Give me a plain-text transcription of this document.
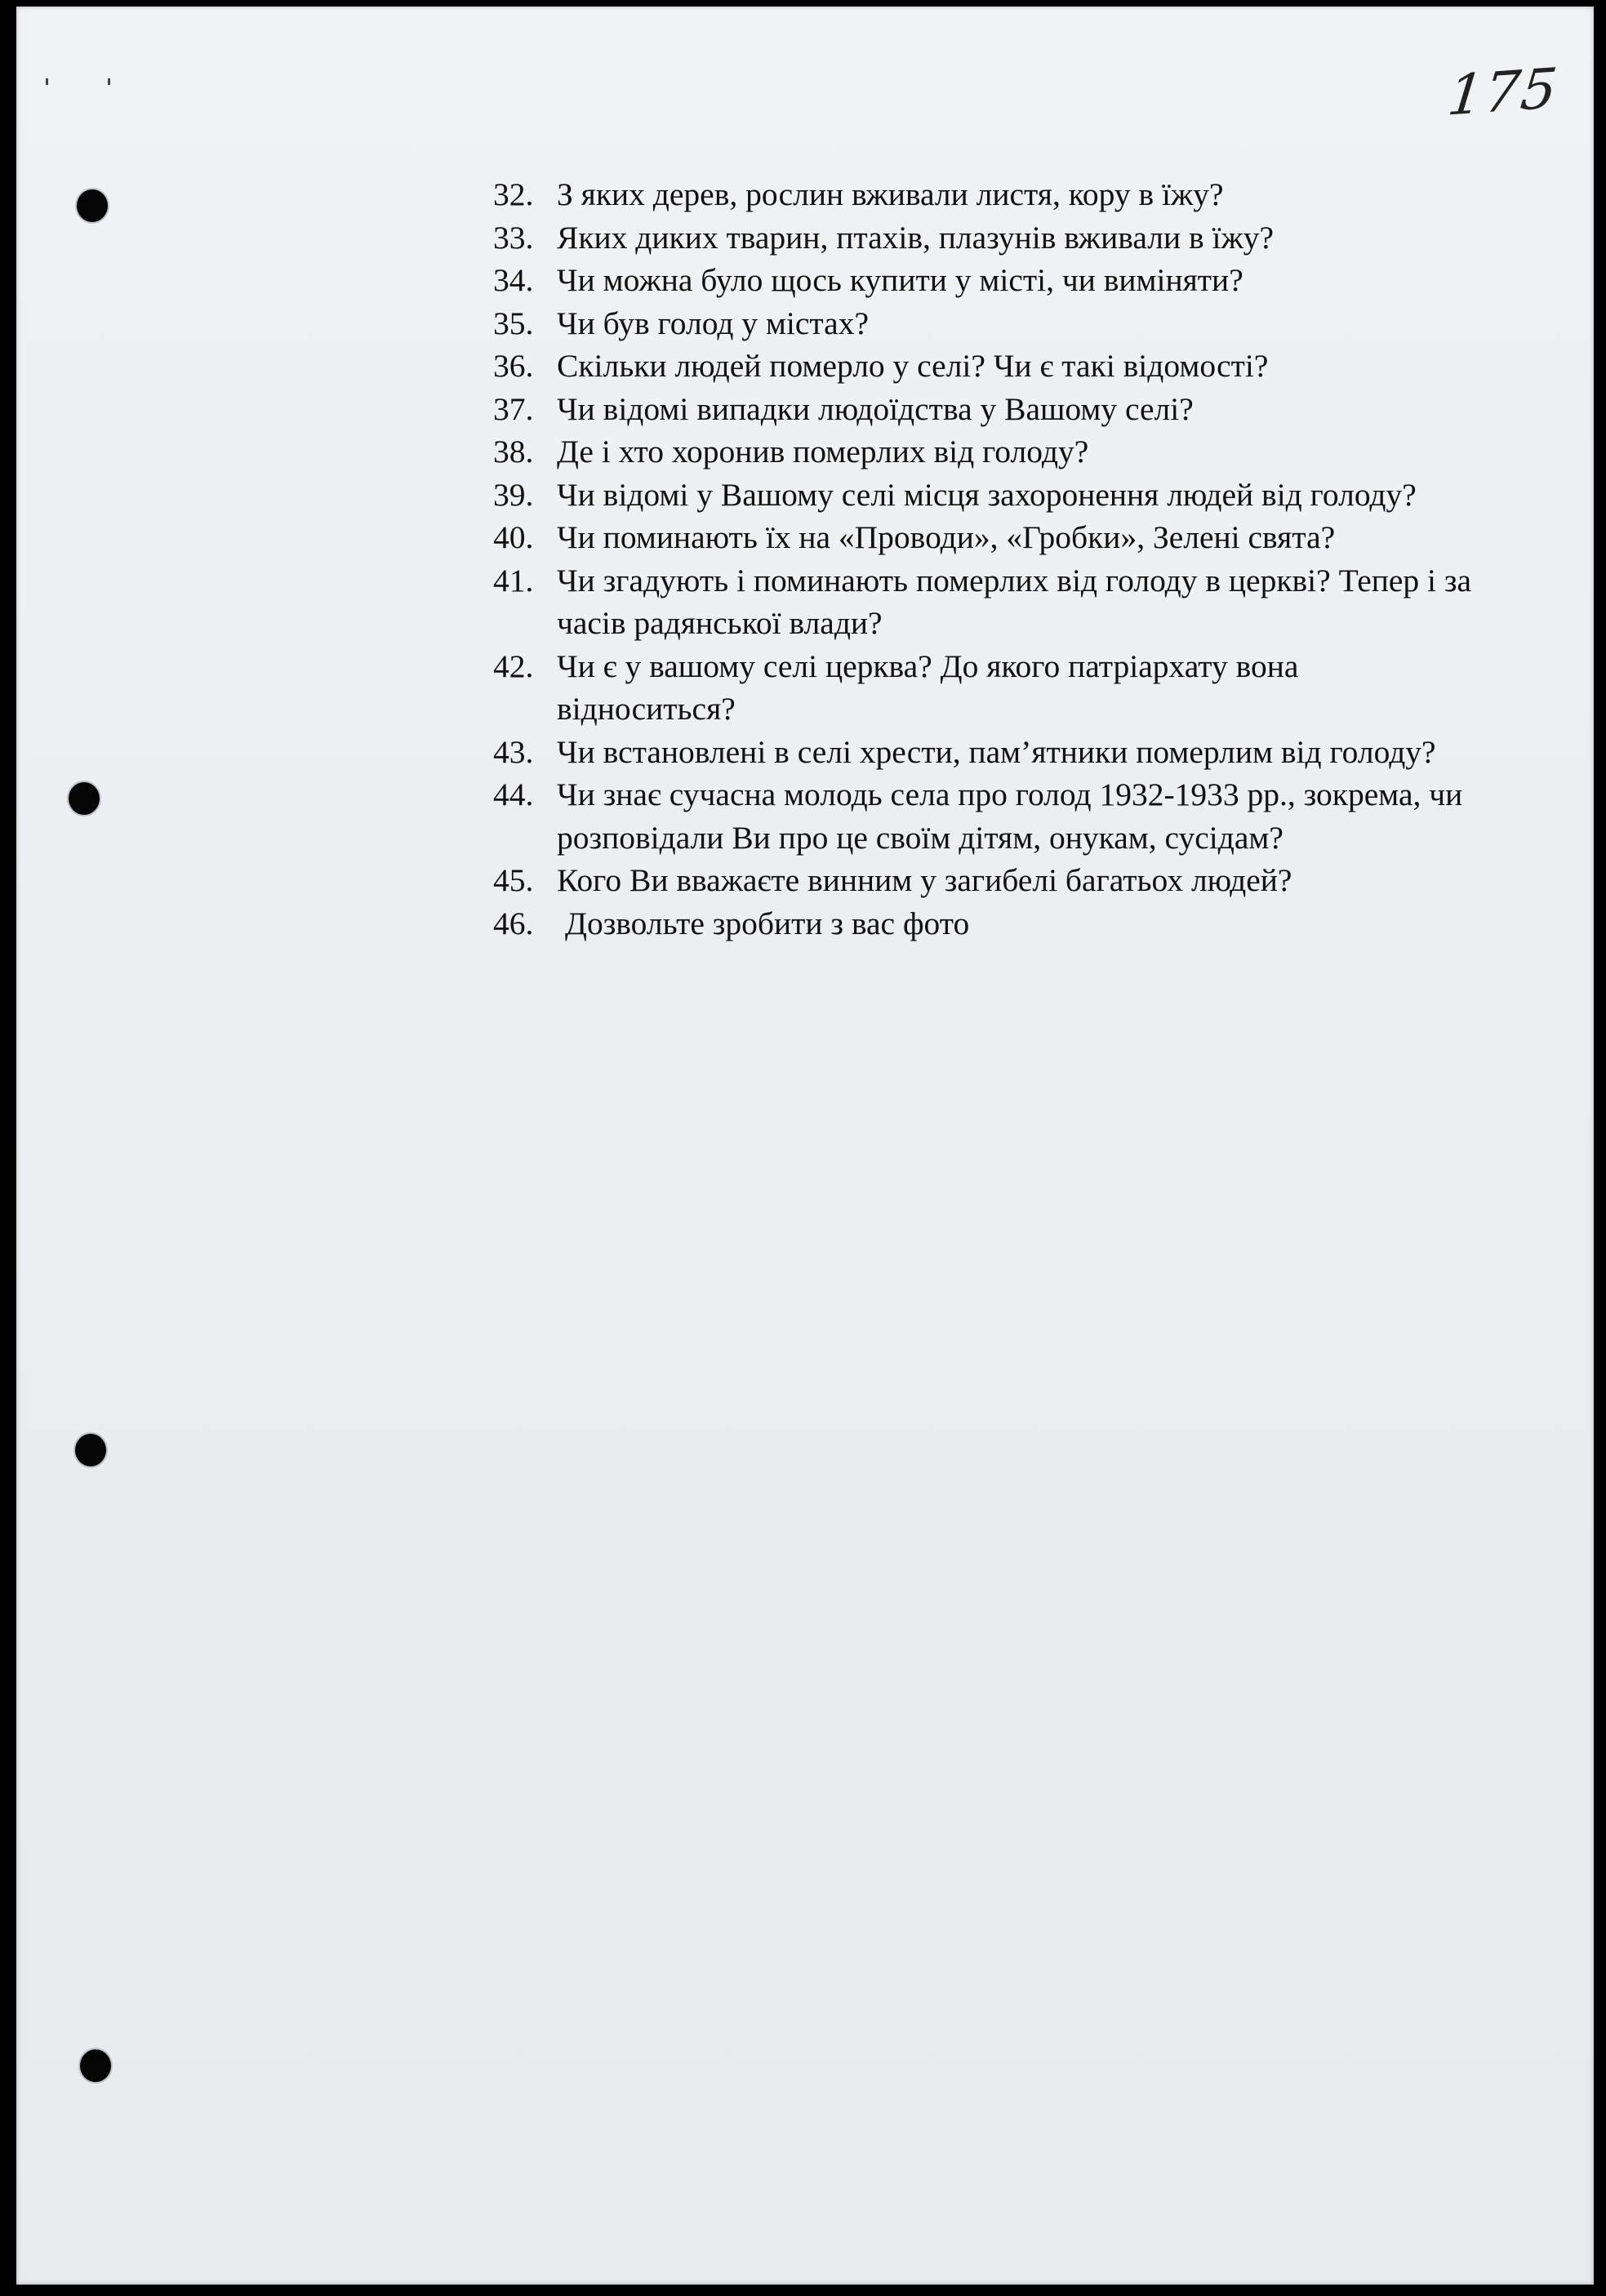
175
32. З яких дерев, рослин вживали листя, кору в їжу?
33. Яких диких тварин, птахів, плазунів вживали в їжу?
34. Чи можна було щось купити у місті, чи виміняти?
35. Чи був голод у містах?
36. Скільки людей померло у селі? Чи є такі відомості?
37. Чи відомі випадки людоїдства у Вашому селі?
38. Де і хто хоронив померлих від голоду?
39. Чи відомі у Вашому селі місця захоронення людей від голоду?
40. Чи поминають їх на «Проводи», «Гробки», Зелені свята?
41. Чи згадують і поминають померлих від голоду в церкві? Тепер і за часів радянської влади?
42. Чи є у вашому селі церква? До якого патріархату вона відноситься?
43. Чи встановлені в селі хрести, пам’ятники померлим від голоду?
44. Чи знає сучасна молодь села про голод 1932-1933 рр., зокрема, чи розповідали Ви про це своїм дітям, онукам, сусідам?
45. Кого Ви вважаєте винним у загибелі багатьох людей?
46. Дозвольте зробити з вас фото
